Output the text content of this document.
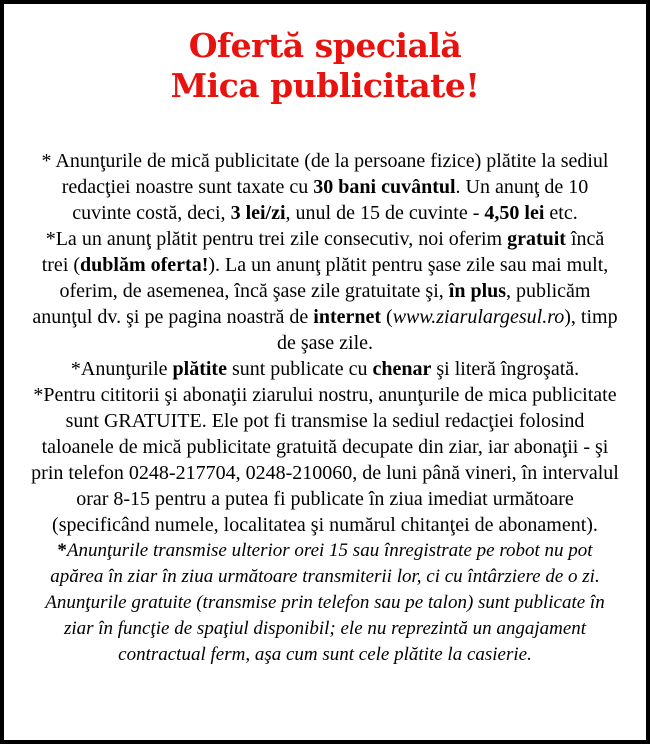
Ofertă specială
Mica publicitate!

* Anunţurile de mică publicitate (de la persoane fizice) plătite la sediul redacţiei noastre sunt taxate cu 30 bani cuvântul. Un anunţ de 10 cuvinte costă, deci, 3 lei/zi, unul de 15 de cuvinte - 4,50 lei etc.

*La un anunţ plătit pentru trei zile consecutiv, noi oferim gratuit încă trei (dublăm oferta!). La un anunţ plătit pentru şase zile sau mai mult, oferim, de asemenea, încă şase zile gratuitate şi, în plus, publicăm anunţul dv. şi pe pagina noastră de internet (www.ziarulargesul.ro), timp de şase zile.

*Anunţurile plătite sunt publicate cu chenar şi literă îngroşată.

*Pentru cititorii şi abonaţii ziarului nostru, anunţurile de mica publicitate sunt GRATUITE. Ele pot fi transmise la sediul redacţiei folosind taloanele de mică publicitate gratuită decupate din ziar, iar abonaţii - şi prin telefon 0248-217704, 0248-210060, de luni până vineri, în intervalul orar 8-15 pentru a putea fi publicate în ziua imediat următoare (specificând numele, localitatea şi numărul chitanţei de abonament).

*Anunţurile transmise ulterior orei 15 sau înregistrate pe robot nu pot apărea în ziar în ziua următoare transmiterii lor, ci cu întârziere de o zi. Anunţurile gratuite (transmise prin telefon sau pe talon) sunt publicate în ziar în funcţie de spaţiul disponibil; ele nu reprezintă un angajament contractual ferm, aşa cum sunt cele plătite la casierie.
